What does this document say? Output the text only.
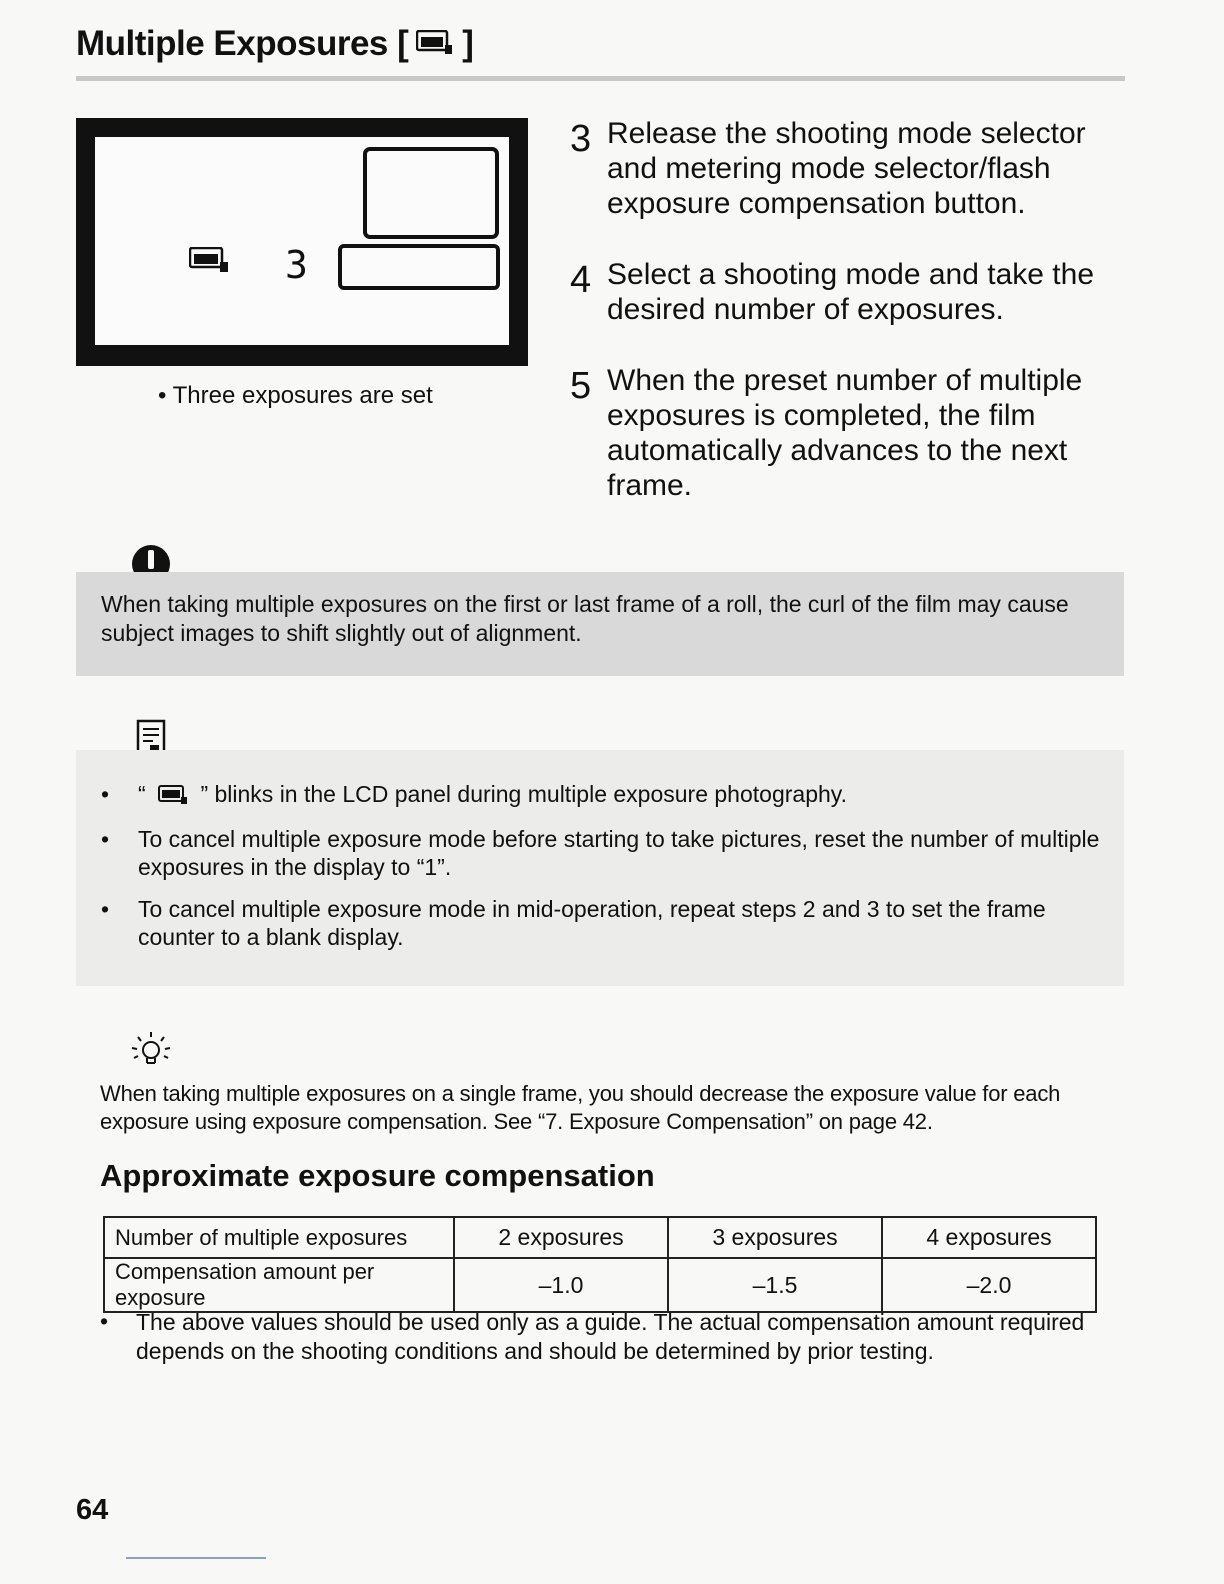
Multiple Exposures [ ]
3
• Three exposures are set
3 Release the shooting mode selector and metering mode selector/flash exposure compensation button.
4 Select a shooting mode and take the desired number of exposures.
5 When the preset number of multiple exposures is completed, the film automatically advances to the next frame.
When taking multiple exposures on the first or last frame of a roll, the curl of the film may cause subject images to shift slightly out of alignment.
• “ ” blinks in the LCD panel during multiple exposure photography.
• To cancel multiple exposure mode before starting to take pictures, reset the number of multiple exposures in the display to “1”.
• To cancel multiple exposure mode in mid-operation, repeat steps 2 and 3 to set the frame counter to a blank display.
When taking multiple exposures on a single frame, you should decrease the exposure value for each exposure using exposure compensation. See “7. Exposure Compensation” on page 42.
Approximate exposure compensation
Number of multiple exposures	2 exposures	3 exposures	4 exposures
Compensation amount per exposure	–1.0	–1.5	–2.0
• The above values should be used only as a guide. The actual compensation amount required depends on the shooting conditions and should be determined by prior testing.
64
